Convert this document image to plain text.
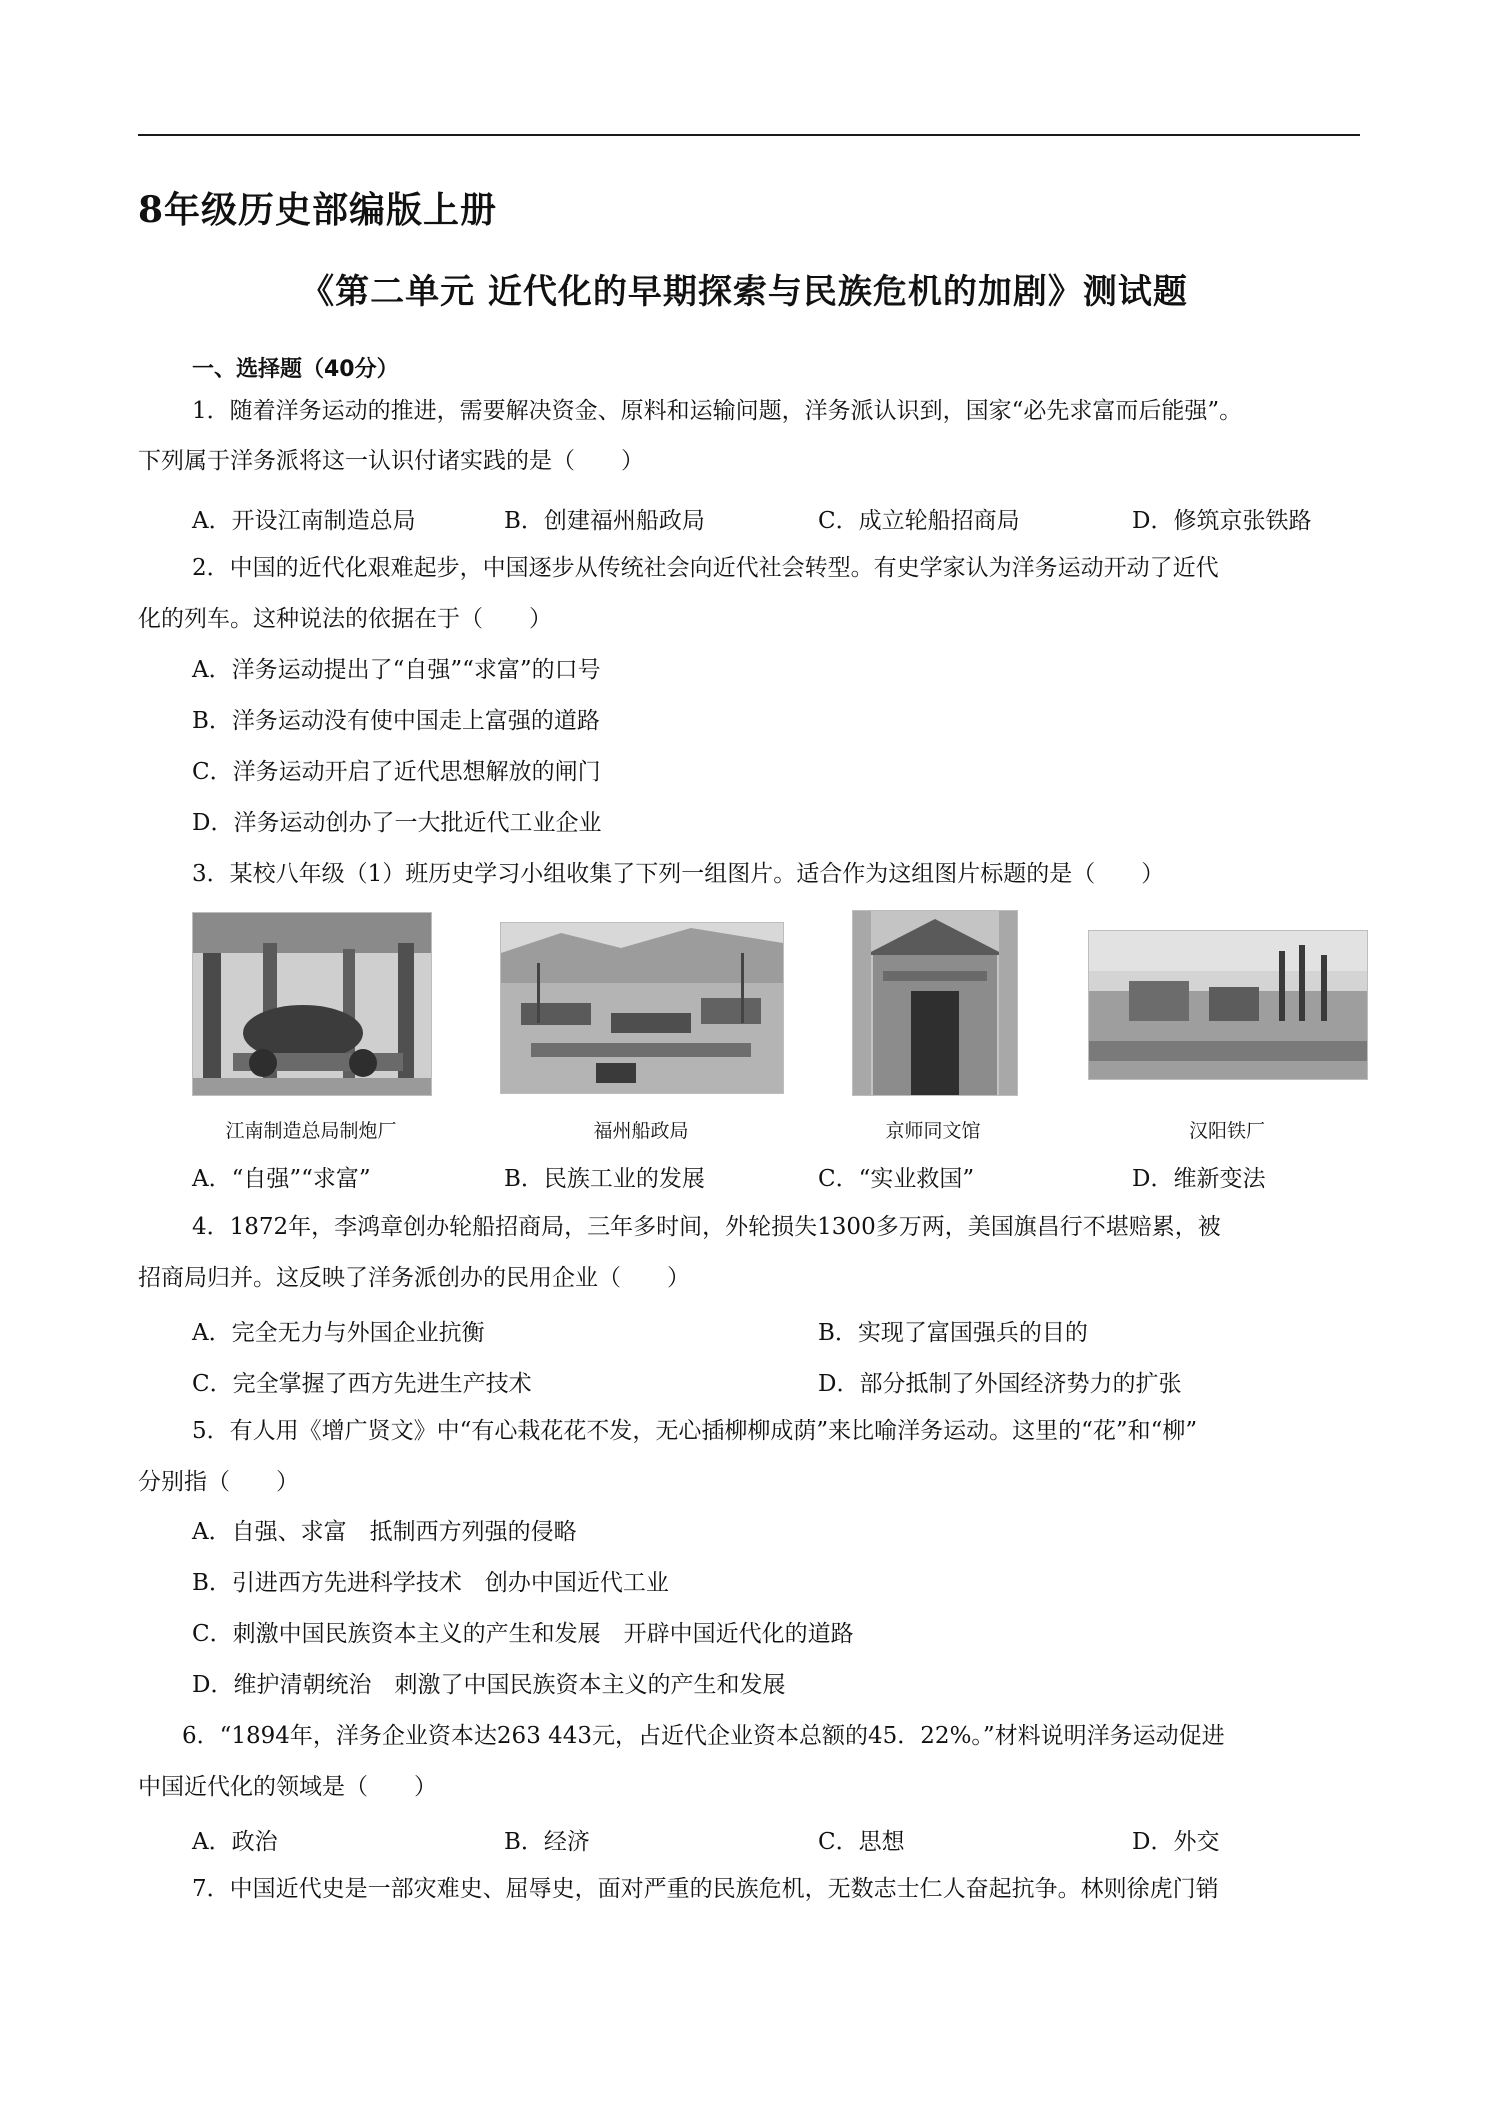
8年级历史部编版上册
《第二单元 近代化的早期探索与民族危机的加剧》测试题
一、选择题（40分）
1．随着洋务运动的推进，需要解决资金、原料和运输问题，洋务派认识到，国家“必先求富而后能强”。
下列属于洋务派将这一认识付诸实践的是（　　）
A．开设江南制造总局	B．创建福州船政局	C．成立轮船招商局	D．修筑京张铁路
2．中国的近代化艰难起步，中国逐步从传统社会向近代社会转型。有史学家认为洋务运动开动了近代
化的列车。这种说法的依据在于（　　）
A．洋务运动提出了“自强”“求富”的口号
B．洋务运动没有使中国走上富强的道路
C．洋务运动开启了近代思想解放的闸门
D．洋务运动创办了一大批近代工业企业
3．某校八年级（1）班历史学习小组收集了下列一组图片。适合作为这组图片标题的是（　　）
江南制造总局制炮厂	福州船政局	京师同文馆	汉阳铁厂
A．“自强”“求富”	B．民族工业的发展	C．“实业救国”	D．维新变法
4．1872年，李鸿章创办轮船招商局，三年多时间，外轮损失1300多万两，美国旗昌行不堪赔累，被
招商局归并。这反映了洋务派创办的民用企业（　　）
A．完全无力与外国企业抗衡	B．实现了富国强兵的目的
C．完全掌握了西方先进生产技术	D．部分抵制了外国经济势力的扩张
5．有人用《增广贤文》中“有心栽花花不发，无心插柳柳成荫”来比喻洋务运动。这里的“花”和“柳”
分别指（　　）
A．自强、求富　抵制西方列强的侵略
B．引进西方先进科学技术　创办中国近代工业
C．刺激中国民族资本主义的产生和发展　开辟中国近代化的道路
D．维护清朝统治　刺激了中国民族资本主义的产生和发展
6．“1894年，洋务企业资本达263 443元，占近代企业资本总额的45．22%。”材料说明洋务运动促进
中国近代化的领域是（　　）
A．政治	B．经济	C．思想	D．外交
7．中国近代史是一部灾难史、屈辱史，面对严重的民族危机，无数志士仁人奋起抗争。林则徐虎门销
